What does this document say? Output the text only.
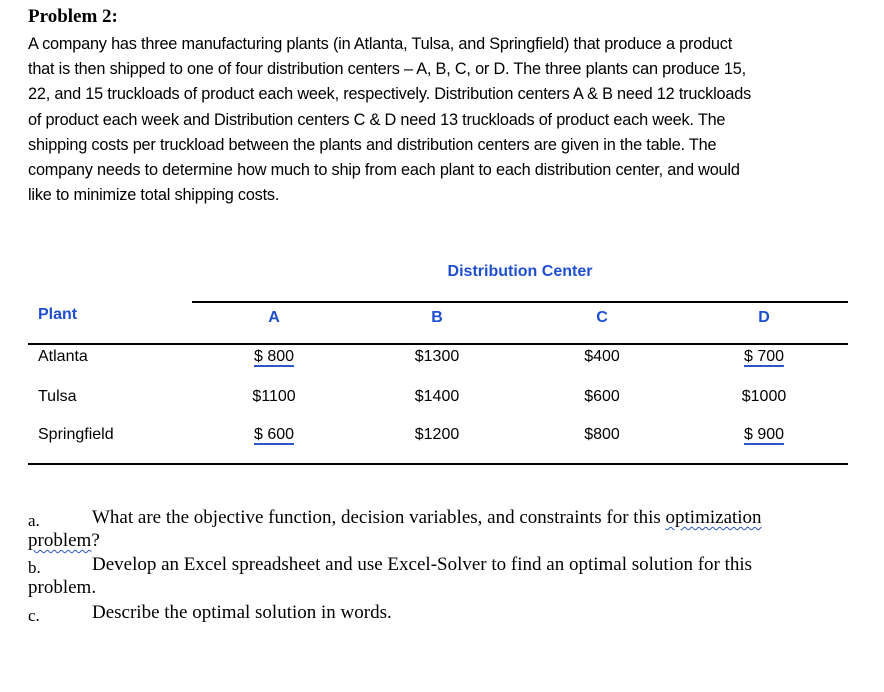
Problem 2:
A company has three manufacturing plants (in Atlanta, Tulsa, and Springfield) that produce a product
that is then shipped to one of four distribution centers – A, B, C, or D. The three plants can produce 15,
22, and 15 truckloads of product each week, respectively. Distribution centers A & B need 12 truckloads
of product each week and Distribution centers C & D need 13 truckloads of product each week. The
shipping costs per truckload between the plants and distribution centers are given in the table. The
company needs to determine how much to ship from each plant to each distribution center, and would
like to minimize total shipping costs.
Distribution Center
Plant	A	B	C	D
Atlanta	$ 800	$1300	$400	$ 700
Tulsa	$1100	$1400	$600	$1000
Springfield	$ 600	$1200	$800	$ 900
a.	What are the objective function, decision variables, and constraints for this optimization
problem?
b.	Develop an Excel spreadsheet and use Excel-Solver to find an optimal solution for this
problem.
c.	Describe the optimal solution in words.
